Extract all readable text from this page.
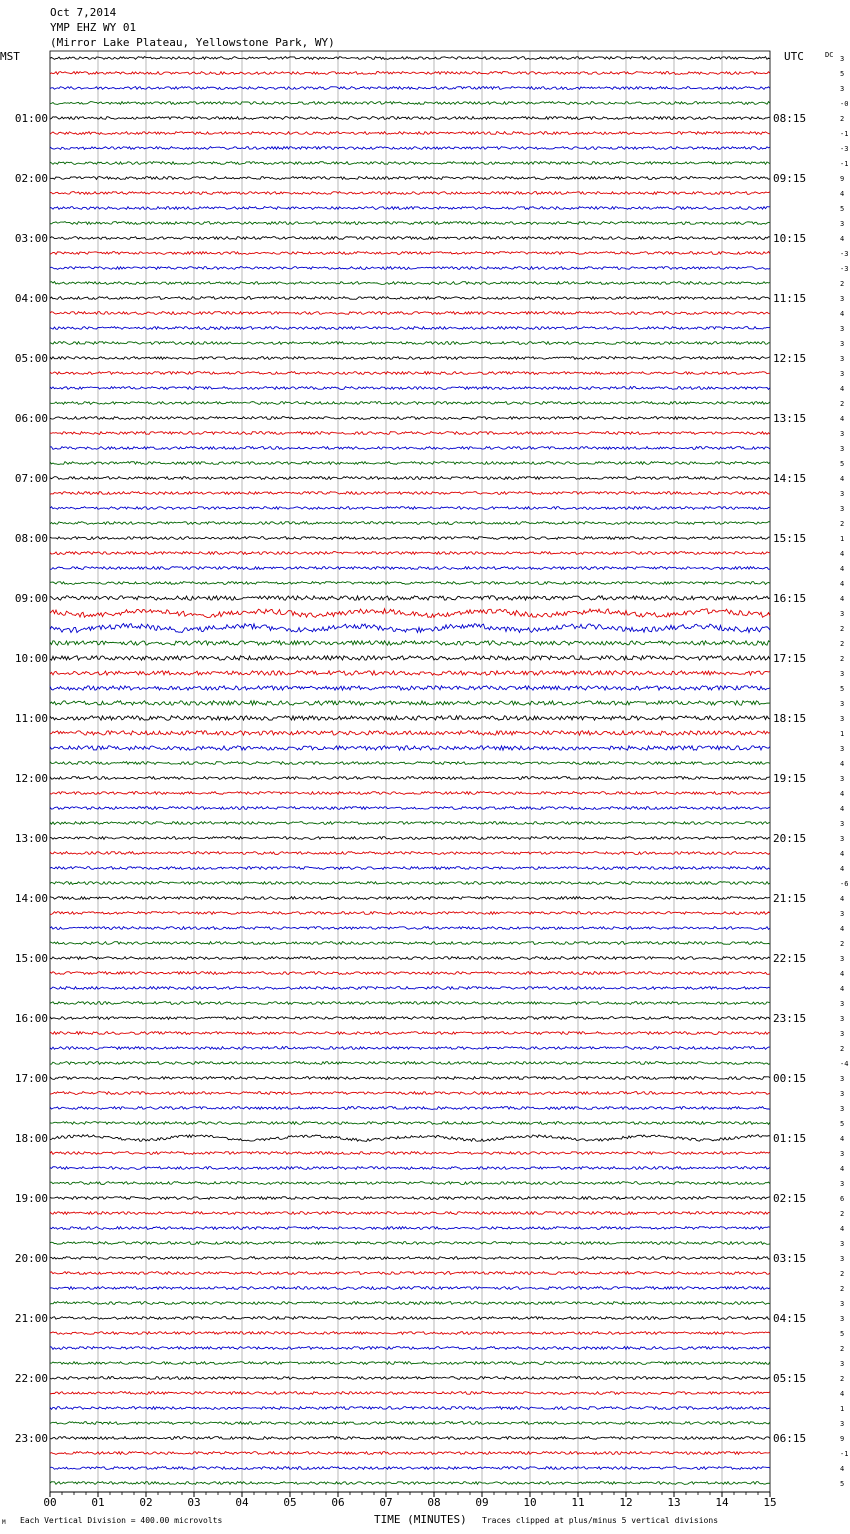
Oct 7,2014
YMP EHZ WY 01
(Mirror Lake Plateau, Yellowstone Park, WY)
MST	UTC	DC
01:00
02:00
03:00
04:00
05:00
06:00
07:00
08:00
09:00
10:00
11:00
12:00
13:00
14:00
15:00
16:00
17:00
18:00
19:00
20:00
21:00
22:00
23:00
08:15
09:15
10:15
11:15
12:15
13:15
14:15
15:15
16:15
17:15
18:15
19:15
20:15
21:15
22:15
23:15
00:15
01:15
02:15
03:15
04:15
05:15
06:15
3
5
3
-0
2
-1
-3
-1
9
4
5
3
4
-3
-3
2
3
4
3
3
3
3
4
2
4
3
3
5
4
3
3
2
1
4
4
4
4
3
2
2
2
3
5
3
3
1
3
4
3
4
4
3
3
4
4
-6
4
3
4
2
3
4
4
3
3
3
2
-4
3
3
3
5
4
3
4
3
6
2
4
3
3
2
2
3
3
5
2
3
2
4
1
3
9
-1
4
5
00	01	02	03	04	05	06	07	08	09	10	11	12	13	14	15
M Each Vertical Division = 400.00 microvolts	TIME (MINUTES) Traces clipped at plus/minus 5 vertical divisions
